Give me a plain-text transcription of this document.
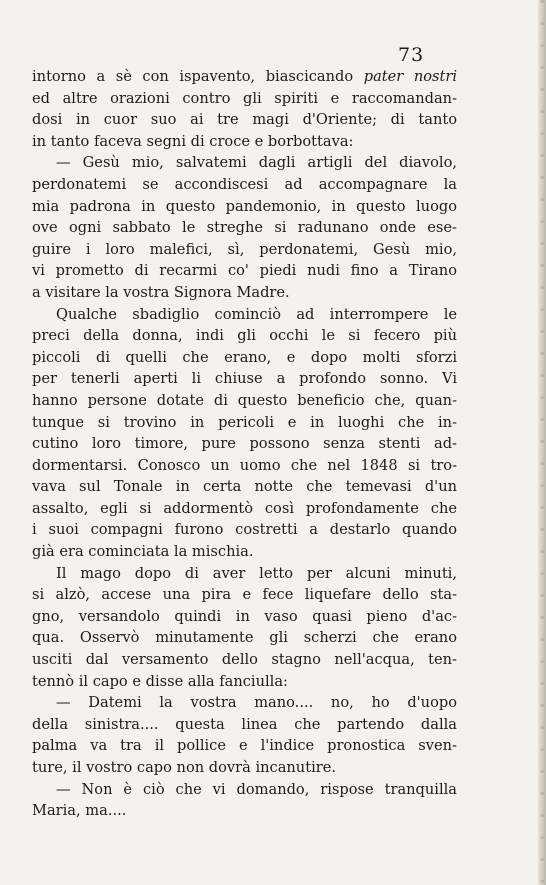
73
intorno a sè con ispavento, biascicando pater nostri
ed altre orazioni contro gli spiriti e raccomandan-
dosi in cuor suo ai tre magi d'Oriente; di tanto
in tanto faceva segni di croce e borbottava:
— Gesù mio, salvatemi dagli artigli del diavolo,
perdonatemi se accondiscesi ad accompagnare la
mia padrona in questo pandemonio, in questo luogo
ove ogni sabbato le streghe si radunano onde ese-
guire i loro malefici, sì, perdonatemi, Gesù mio,
vi prometto di recarmi co' piedi nudi fino a Tirano
a visitare la vostra Signora Madre.
Qualche sbadiglio cominciò ad interrompere le
preci della donna, indi gli occhi le si fecero più
piccoli di quelli che erano, e dopo molti sforzi
per tenerli aperti li chiuse a profondo sonno. Vi
hanno persone dotate di questo beneficio che, quan-
tunque si trovino in pericoli e in luoghi che in-
cutino loro timore, pure possono senza stenti ad-
dormentarsi. Conosco un uomo che nel 1848 si tro-
vava sul Tonale in certa notte che temevasi d'un
assalto, egli si addormentò così profondamente che
i suoi compagni furono costretti a destarlo quando
già era cominciata la mischia.
Il mago dopo di aver letto per alcuni minuti,
si alzò, accese una pira e fece liquefare dello sta-
gno, versandolo quindi in vaso quasi pieno d'ac-
qua. Osservò minutamente gli scherzi che erano
usciti dal versamento dello stagno nell'acqua, ten-
tennò il capo e disse alla fanciulla:
— Datemi la vostra mano.... no, ho d'uopo
della sinistra.... questa linea che partendo dalla
palma va tra il pollice e l'indice pronostica sven-
ture, il vostro capo non dovrà incanutire.
— Non è ciò che vi domando, rispose tranquilla
Maria, ma....
